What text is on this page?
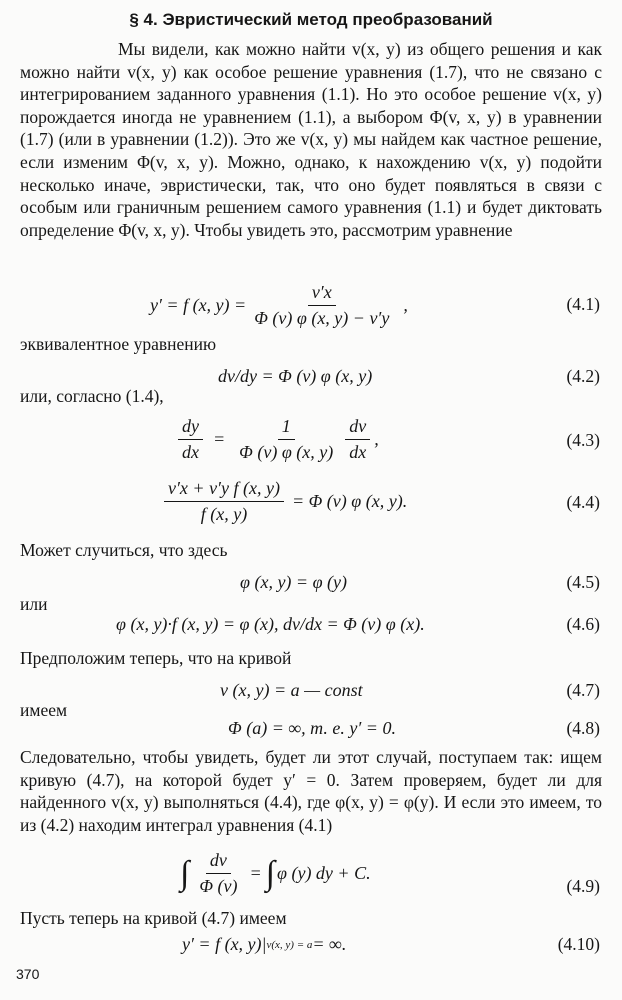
§ 4. Эвристический метод преобразований
Мы видели, как можно найти v(x, y) из общего решения и как можно найти v(x, y) как особое решение уравнения (1.7), что не связано с интегрированием заданного уравнения (1.1). Но это особое решение v(x, y) порождается иногда не уравнением (1.1), а выбором Φ(v, x, y) в уравнении (1.7) (или в уравнении (1.2)). Это же v(x, y) мы найдем как частное решение, если изменим Φ(v, x, y). Можно, однако, к нахождению v(x, y) подойти несколько иначе, эвристически, так, что оно будет появляться в связи с особым или граничным решением самого уравнения (1.1) и будет диктовать определение Φ(v, x, y). Чтобы увидеть это, рассмотрим уравнение
y′ = f (x, $y) = \frac{v'x}{\Phi (v) \varphi (x, y) - v'y}$ ,	(4.1)
эквивалентное уравнению
dv/dy = Φ (v) φ (x, y)	(4.2)
или, согласно (1.4),
$\frac{dy}{dx} = \frac{1}{\Phi (v) \varphi (x, y)} \frac{dv}{dx}$ ,	(4.3)
$\frac{\text{v′x + v′y f (x, y)}}{f (x, y)} = \Phi$ (v) φ (x, y).	(4.4)
Может случиться, что здесь
φ (x, y) = φ (y)	(4.5)
или
φ (x, y)·f (x, y) = φ (x), dv/dx = Φ (v) φ (x).	(4.6)
Предположим теперь, что на кривой
v (x, y) = a — const	(4.7)
имеем
Φ (a) = ∞, т. е. y′ = 0.	(4.8)
Следовательно, чтобы увидеть, будет ли этот случай, поступаем так: ищем кривую (4.7), на которой будет y′ = 0. Затем проверяем, будет ли для найденного v(x, y) выполняться (4.4), где φ(x, y) = φ(y). И если это имеем, то из (4.2) находим интеграл уравнения (4.1)
∫ $\frac{dv}{\Phi (v)}$ = ∫ φ (y) dy + C.
(4.9)
Пусть теперь на кривой (4.7) имеем
y′ = f (x, y)| v(x, y) = a = ∞.	(4.10)
370
